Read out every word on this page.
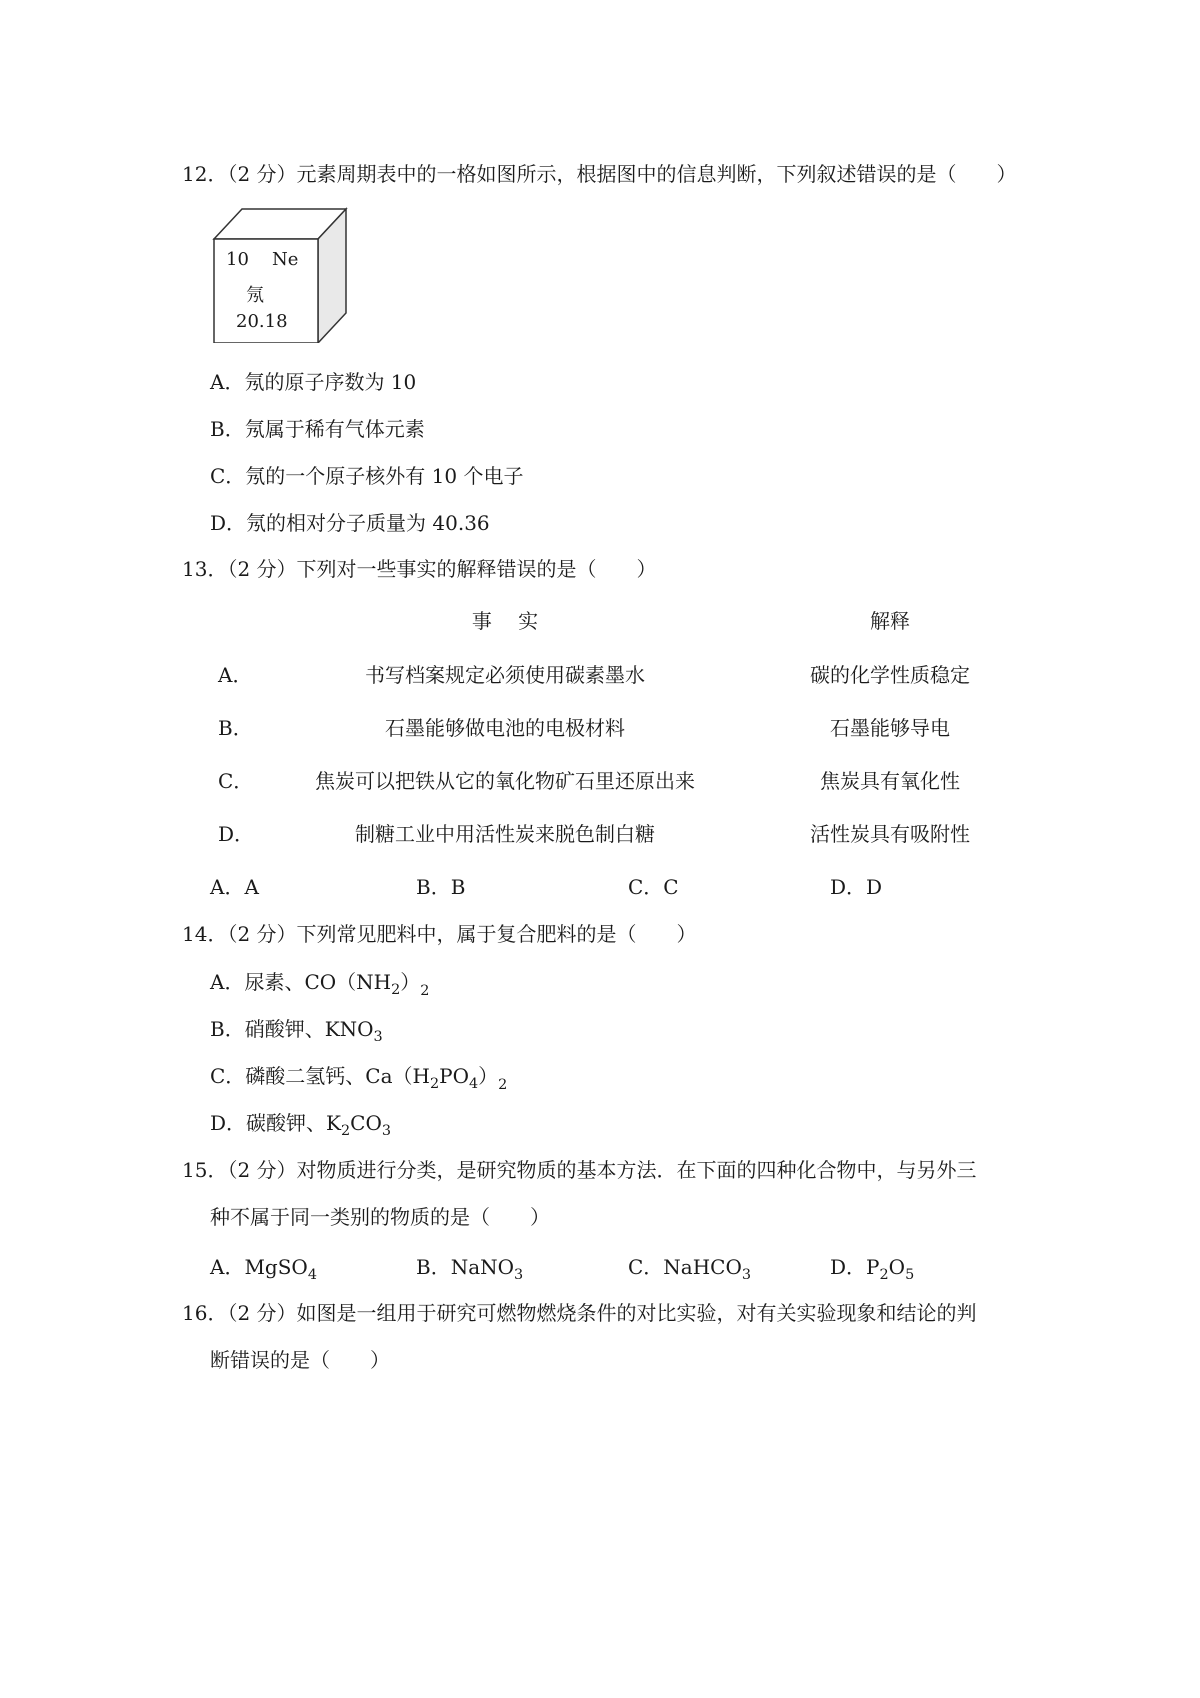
12．（2 分）元素周期表中的一格如图所示，根据图中的信息判断，下列叙述错误的是（　　）
10 Ne
氖
20.18
A．氖的原子序数为 10
B．氖属于稀有气体元素
C．氖的一个原子核外有 10 个电子
D．氖的相对分子质量为 40.36
13．（2 分）下列对一些事实的解释错误的是（　　）
事　 实	解释
A．	书写档案规定必须使用碳素墨水	碳的化学性质稳定
B．	石墨能够做电池的电极材料	石墨能够导电
C．	焦炭可以把铁从它的氧化物矿石里还原出来	焦炭具有氧化性
D．	制糖工业中用活性炭来脱色制白糖	活性炭具有吸附性
A．A	B．B	C．C	D．D
14．（2 分）下列常见肥料中，属于复合肥料的是（　　）
A．尿素、$CO(NH_2)_2$
B．硝酸钾、$KNO_3$
C．磷酸二氢钙、$Ca(H_2PO_4)_2$
D．碳酸钾、$K_2CO_3$
15．（2 分）对物质进行分类，是研究物质的基本方法．在下面的四种化合物中，与另外三
种不属于同一类别的物质的是（　　）
A．MgSO$_4$	B．NaNO$_3$	C．NaHCO$_3$	D．$P_2O_5$
16．（2 分）如图是一组用于研究可燃物燃烧条件的对比实验，对有关实验现象和结论的判
断错误的是（　　）
